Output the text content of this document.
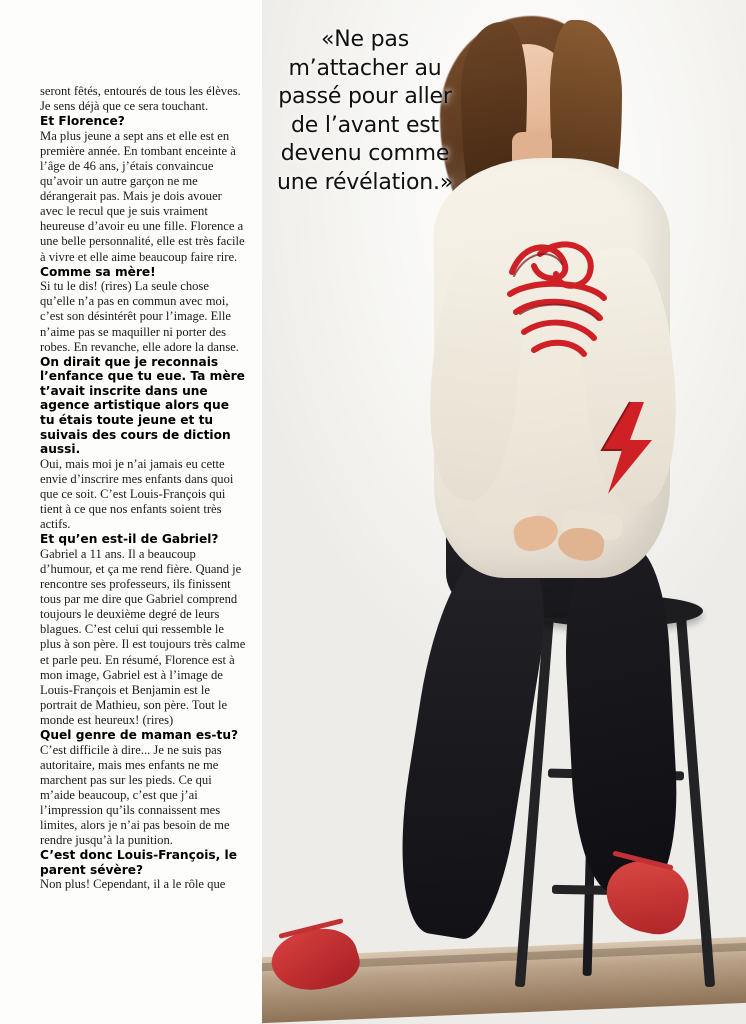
«Ne pas m’attacher au passé pour aller de l’avant est devenu comme une révélation.»

seront fêtés, entourés de tous les élèves. Je sens déjà que ce sera touchant.

Et Florence?

Ma plus jeune a sept ans et elle est en première année. En tombant enceinte à l’âge de 46 ans, j’étais convaincue qu’avoir un autre garçon ne me dérangerait pas. Mais je dois avouer avec le recul que je suis vraiment heureuse d’avoir eu une fille. Florence a une belle personnalité, elle est très facile à vivre et elle aime beaucoup faire rire.

Comme sa mère!

Si tu le dis! (rires) La seule chose qu’elle n’a pas en commun avec moi, c’est son désintérêt pour l’image. Elle n’aime pas se maquiller ni porter des robes. En revanche, elle adore la danse.

On dirait que je reconnais l’enfance que tu eue. Ta mère t’avait inscrite dans une agence artistique alors que tu étais toute jeune et tu suivais des cours de diction aussi.

Oui, mais moi je n’ai jamais eu cette envie d’inscrire mes enfants dans quoi que ce soit. C’est Louis-François qui tient à ce que nos enfants soient très actifs.

Et qu’en est-il de Gabriel?

Gabriel a 11 ans. Il a beaucoup d’humour, et ça me rend fière. Quand je rencontre ses professeurs, ils finissent tous par me dire que Gabriel comprend toujours le deuxième degré de leurs blagues. C’est celui qui ressemble le plus à son père. Il est toujours très calme et parle peu. En résumé, Florence est à mon image, Gabriel est à l’image de Louis-François et Benjamin est le portrait de Mathieu, son père. Tout le monde est heureux! (rires)

Quel genre de maman es-tu?

C’est difficile à dire... Je ne suis pas autoritaire, mais mes enfants ne me marchent pas sur les pieds. Ce qui m’aide beaucoup, c’est que j’ai l’impression qu’ils connaissent mes limites, alors je n’ai pas besoin de me rendre jusqu’à la punition.

C’est donc Louis-François, le parent sévère?

Non plus! Cependant, il a le rôle que
